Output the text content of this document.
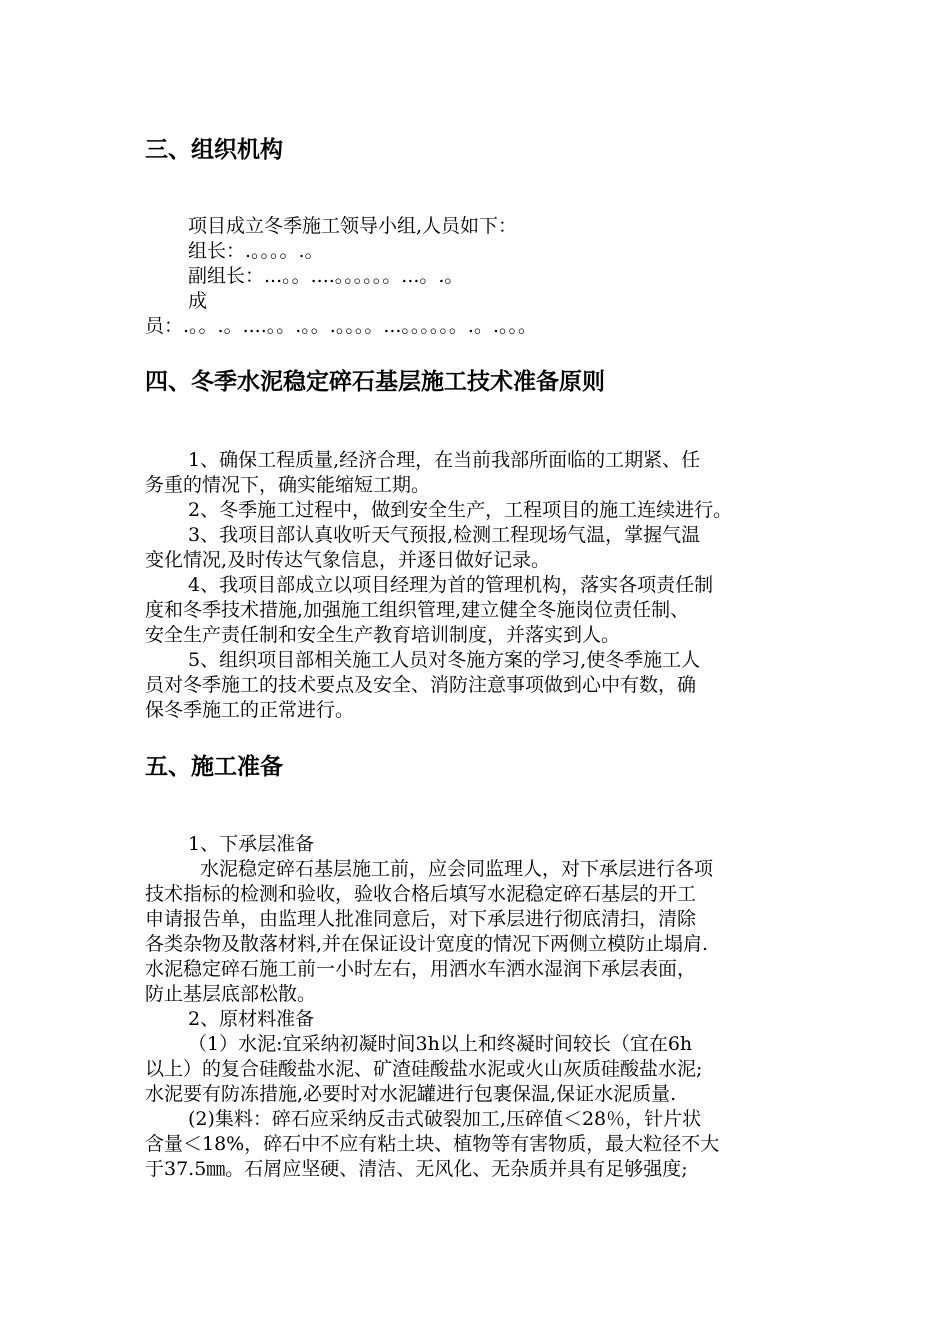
三、组织机构
项目成立冬季施工领导小组,人员如下：
组长：.。。。。.。
副组长：...。。....。。。。。。...。.。
成
员：.。。.。....。。.。。.。。。。...。。。。。。.。.。。。
四、冬季水泥稳定碎石基层施工技术准备原则
1、确保工程质量,经济合理，在当前我部所面临的工期紧、任
务重的情况下，确实能缩短工期。
2、冬季施工过程中，做到安全生产，工程项目的施工连续进行。
3、我项目部认真收听天气预报,检测工程现场气温，掌握气温
变化情况,及时传达气象信息，并逐日做好记录。
4、我项目部成立以项目经理为首的管理机构，落实各项责任制
度和冬季技术措施,加强施工组织管理,建立健全冬施岗位责任制、
安全生产责任制和安全生产教育培训制度，并落实到人。
5、组织项目部相关施工人员对冬施方案的学习,使冬季施工人
员对冬季施工的技术要点及安全、消防注意事项做到心中有数，确
保冬季施工的正常进行。
五、施工准备
1、下承层准备
水泥稳定碎石基层施工前，应会同监理人，对下承层进行各项
技术指标的检测和验收，验收合格后填写水泥稳定碎石基层的开工
申请报告单，由监理人批准同意后，对下承层进行彻底清扫，清除
各类杂物及散落材料,并在保证设计宽度的情况下两侧立模防止塌肩.
水泥稳定碎石施工前一小时左右，用洒水车洒水湿润下承层表面，
防止基层底部松散。
2、原材料准备
（1）水泥:宜采纳初凝时间3h以上和终凝时间较长（宜在6h
以上）的复合硅酸盐水泥、矿渣硅酸盐水泥或火山灰质硅酸盐水泥;
水泥要有防冻措施,必要时对水泥罐进行包裹保温,保证水泥质量.
(2)集料：碎石应采纳反击式破裂加工,压碎值＜28％，针片状
含量＜18%，碎石中不应有粘土块、植物等有害物质，最大粒径不大
于37.5㎜。石屑应坚硬、清洁、无风化、无杂质并具有足够强度;
